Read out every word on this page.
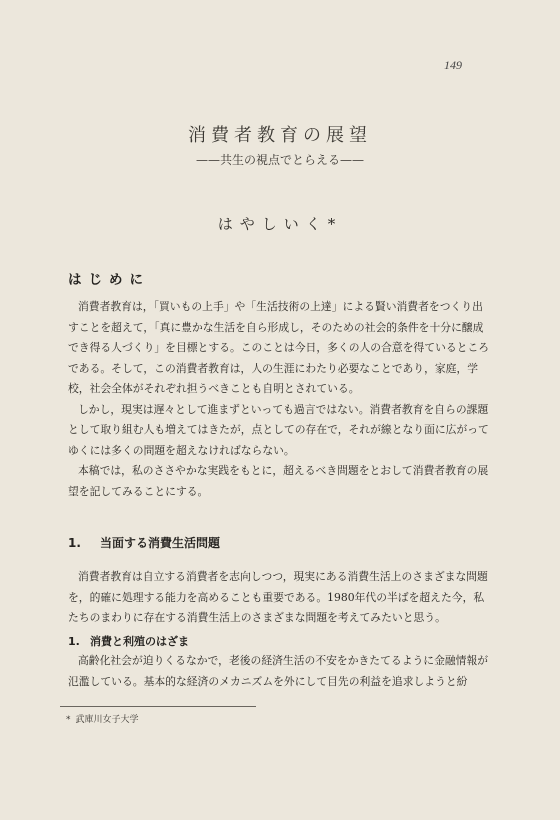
149
消費者教育の展望
——共生の視点でとらえる——
はやしいく*
はじめに

消費者教育は，「買いもの上手」や「生活技術の上達」による賢い消費者をつくり出すことを超えて，「真に豊かな生活を自ら形成し，そのための社会的条件を十分に醸成でき得る人づくり」を目標とする。このことは今日，多くの人の合意を得ているところである。そして，この消費者教育は，人の生涯にわたり必要なことであり，家庭，学校，社会全体がそれぞれ担うべきことも自明とされている。

しかし，現実は遅々として進まずといっても過言ではない。消費者教育を自らの課題として取り組む人も増えてはきたが，点としての存在で，それが線となり面に広がってゆくには多くの問題を超えなければならない。

本稿では，私のささやかな実践をもとに，超えるべき問題をとおして消費者教育の展望を記してみることにする。

1. 当面する消費生活問題

消費者教育は自立する消費者を志向しつつ，現実にある消費生活上のさまざまな問題を，的確に処理する能力を高めることも重要である。1980年代の半ばを超えた今，私たちのまわりに存在する消費生活上のさまざまな問題を考えてみたいと思う。

1. 消費と利殖のはざま

高齢化社会が迫りくるなかで，老後の経済生活の不安をかきたてるように金融情報が氾濫している。基本的な経済のメカニズムを外にして目先の利益を追求しようと紛

* 武庫川女子大学
